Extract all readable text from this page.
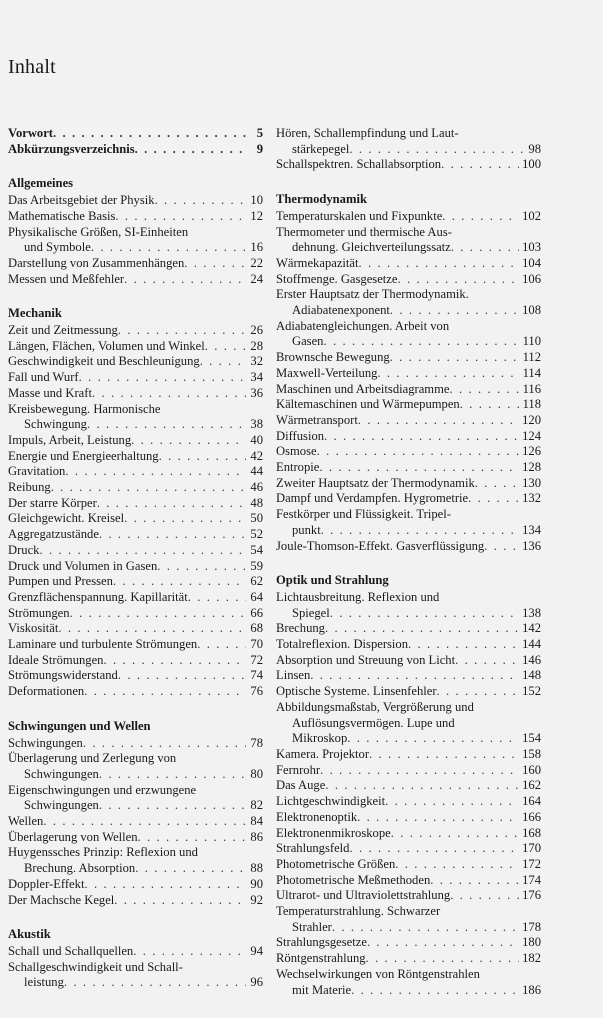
Inhalt
Vorwort . . .	5
Abkürzungsverzeichnis . . .	9
Allgemeines
Das Arbeitsgebiet der Physik . . .	10
Mathematische Basis . . .	12
Physikalische Größen, SI-Einheiten
und Symbole . . .	16
Darstellung von Zusammenhängen . . .	22
Messen und Meßfehler . . .	24
Mechanik
Zeit und Zeitmessung . . .	26
Längen, Flächen, Volumen und Winkel . . .	28
Geschwindigkeit und Beschleunigung . . .	32
Fall und Wurf . . .	34
Masse und Kraft . . .	36
Kreisbewegung. Harmonische
Schwingung . . .	38
Impuls, Arbeit, Leistung . . .	40
Energie und Energieerhaltung . . .	42
Gravitation . . .	44
Reibung . . .	46
Der starre Körper . . .	48
Gleichgewicht. Kreisel . . .	50
Aggregatzustände . . .	52
Druck . . .	54
Druck und Volumen in Gasen . . .	59
Pumpen und Pressen . . .	62
Grenzflächenspannung. Kapillarität . . .	64
Strömungen . . .	66
Viskosität . . .	68
Laminare und turbulente Strömungen . . .	70
Ideale Strömungen . . .	72
Strömungswiderstand . . .	74
Deformationen . . .	76
Schwingungen und Wellen
Schwingungen . . .	78
Überlagerung und Zerlegung von
Schwingungen . . .	80
Eigenschwingungen und erzwungene
Schwingungen . . .	82
Wellen . . .	84
Überlagerung von Wellen . . .	86
Huygenssches Prinzip: Reflexion und
Brechung. Absorption . . .	88
Doppler-Effekt . . .	90
Der Machsche Kegel . . .	92
Akustik
Schall und Schallquellen . . .	94
Schallgeschwindigkeit und Schall-
leistung . . .	96
Hören, Schallempfindung und Laut-
stärkepegel . . .	98
Schallspektren. Schallabsorption . . .	100
Thermodynamik
Temperaturskalen und Fixpunkte . . .	102
Thermometer und thermische Aus-
dehnung. Gleichverteilungssatz . . .	103
Wärmekapazität . . .	104
Stoffmenge. Gasgesetze . . .	106
Erster Hauptsatz der Thermodynamik.
Adiabatenexponent . . .	108
Adiabatengleichungen. Arbeit von
Gasen . . .	110
Brownsche Bewegung . . .	112
Maxwell-Verteilung . . .	114
Maschinen und Arbeitsdiagramme . . .	116
Kältemaschinen und Wärmepumpen . . .	118
Wärmetransport . . .	120
Diffusion . . .	124
Osmose . . .	126
Entropie . . .	128
Zweiter Hauptsatz der Thermodynamik . . .	130
Dampf und Verdampfen. Hygrometrie . . .	132
Festkörper und Flüssigkeit. Tripel-
punkt . . .	134
Joule-Thomson-Effekt. Gasverflüssigung . . .	136
Optik und Strahlung
Lichtausbreitung. Reflexion und
Spiegel . . .	138
Brechung . . .	142
Totalreflexion. Dispersion . . .	144
Absorption und Streuung von Licht . . .	146
Linsen . . .	148
Optische Systeme. Linsenfehler . . .	152
Abbildungsmaßstab, Vergrößerung und
Auflösungsvermögen. Lupe und
Mikroskop . . .	154
Kamera. Projektor . . .	158
Fernrohr . . .	160
Das Auge . . .	162
Lichtgeschwindigkeit . . .	164
Elektronenoptik . . .	166
Elektronenmikroskope . . .	168
Strahlungsfeld . . .	170
Photometrische Größen . . .	172
Photometrische Meßmethoden . . .	174
Ultrarot- und Ultraviolettstrahlung . . .	176
Temperaturstrahlung. Schwarzer
Strahler . . .	178
Strahlungsgesetze . . .	180
Röntgenstrahlung . . .	182
Wechselwirkungen von Röntgenstrahlen
mit Materie . . .	186
